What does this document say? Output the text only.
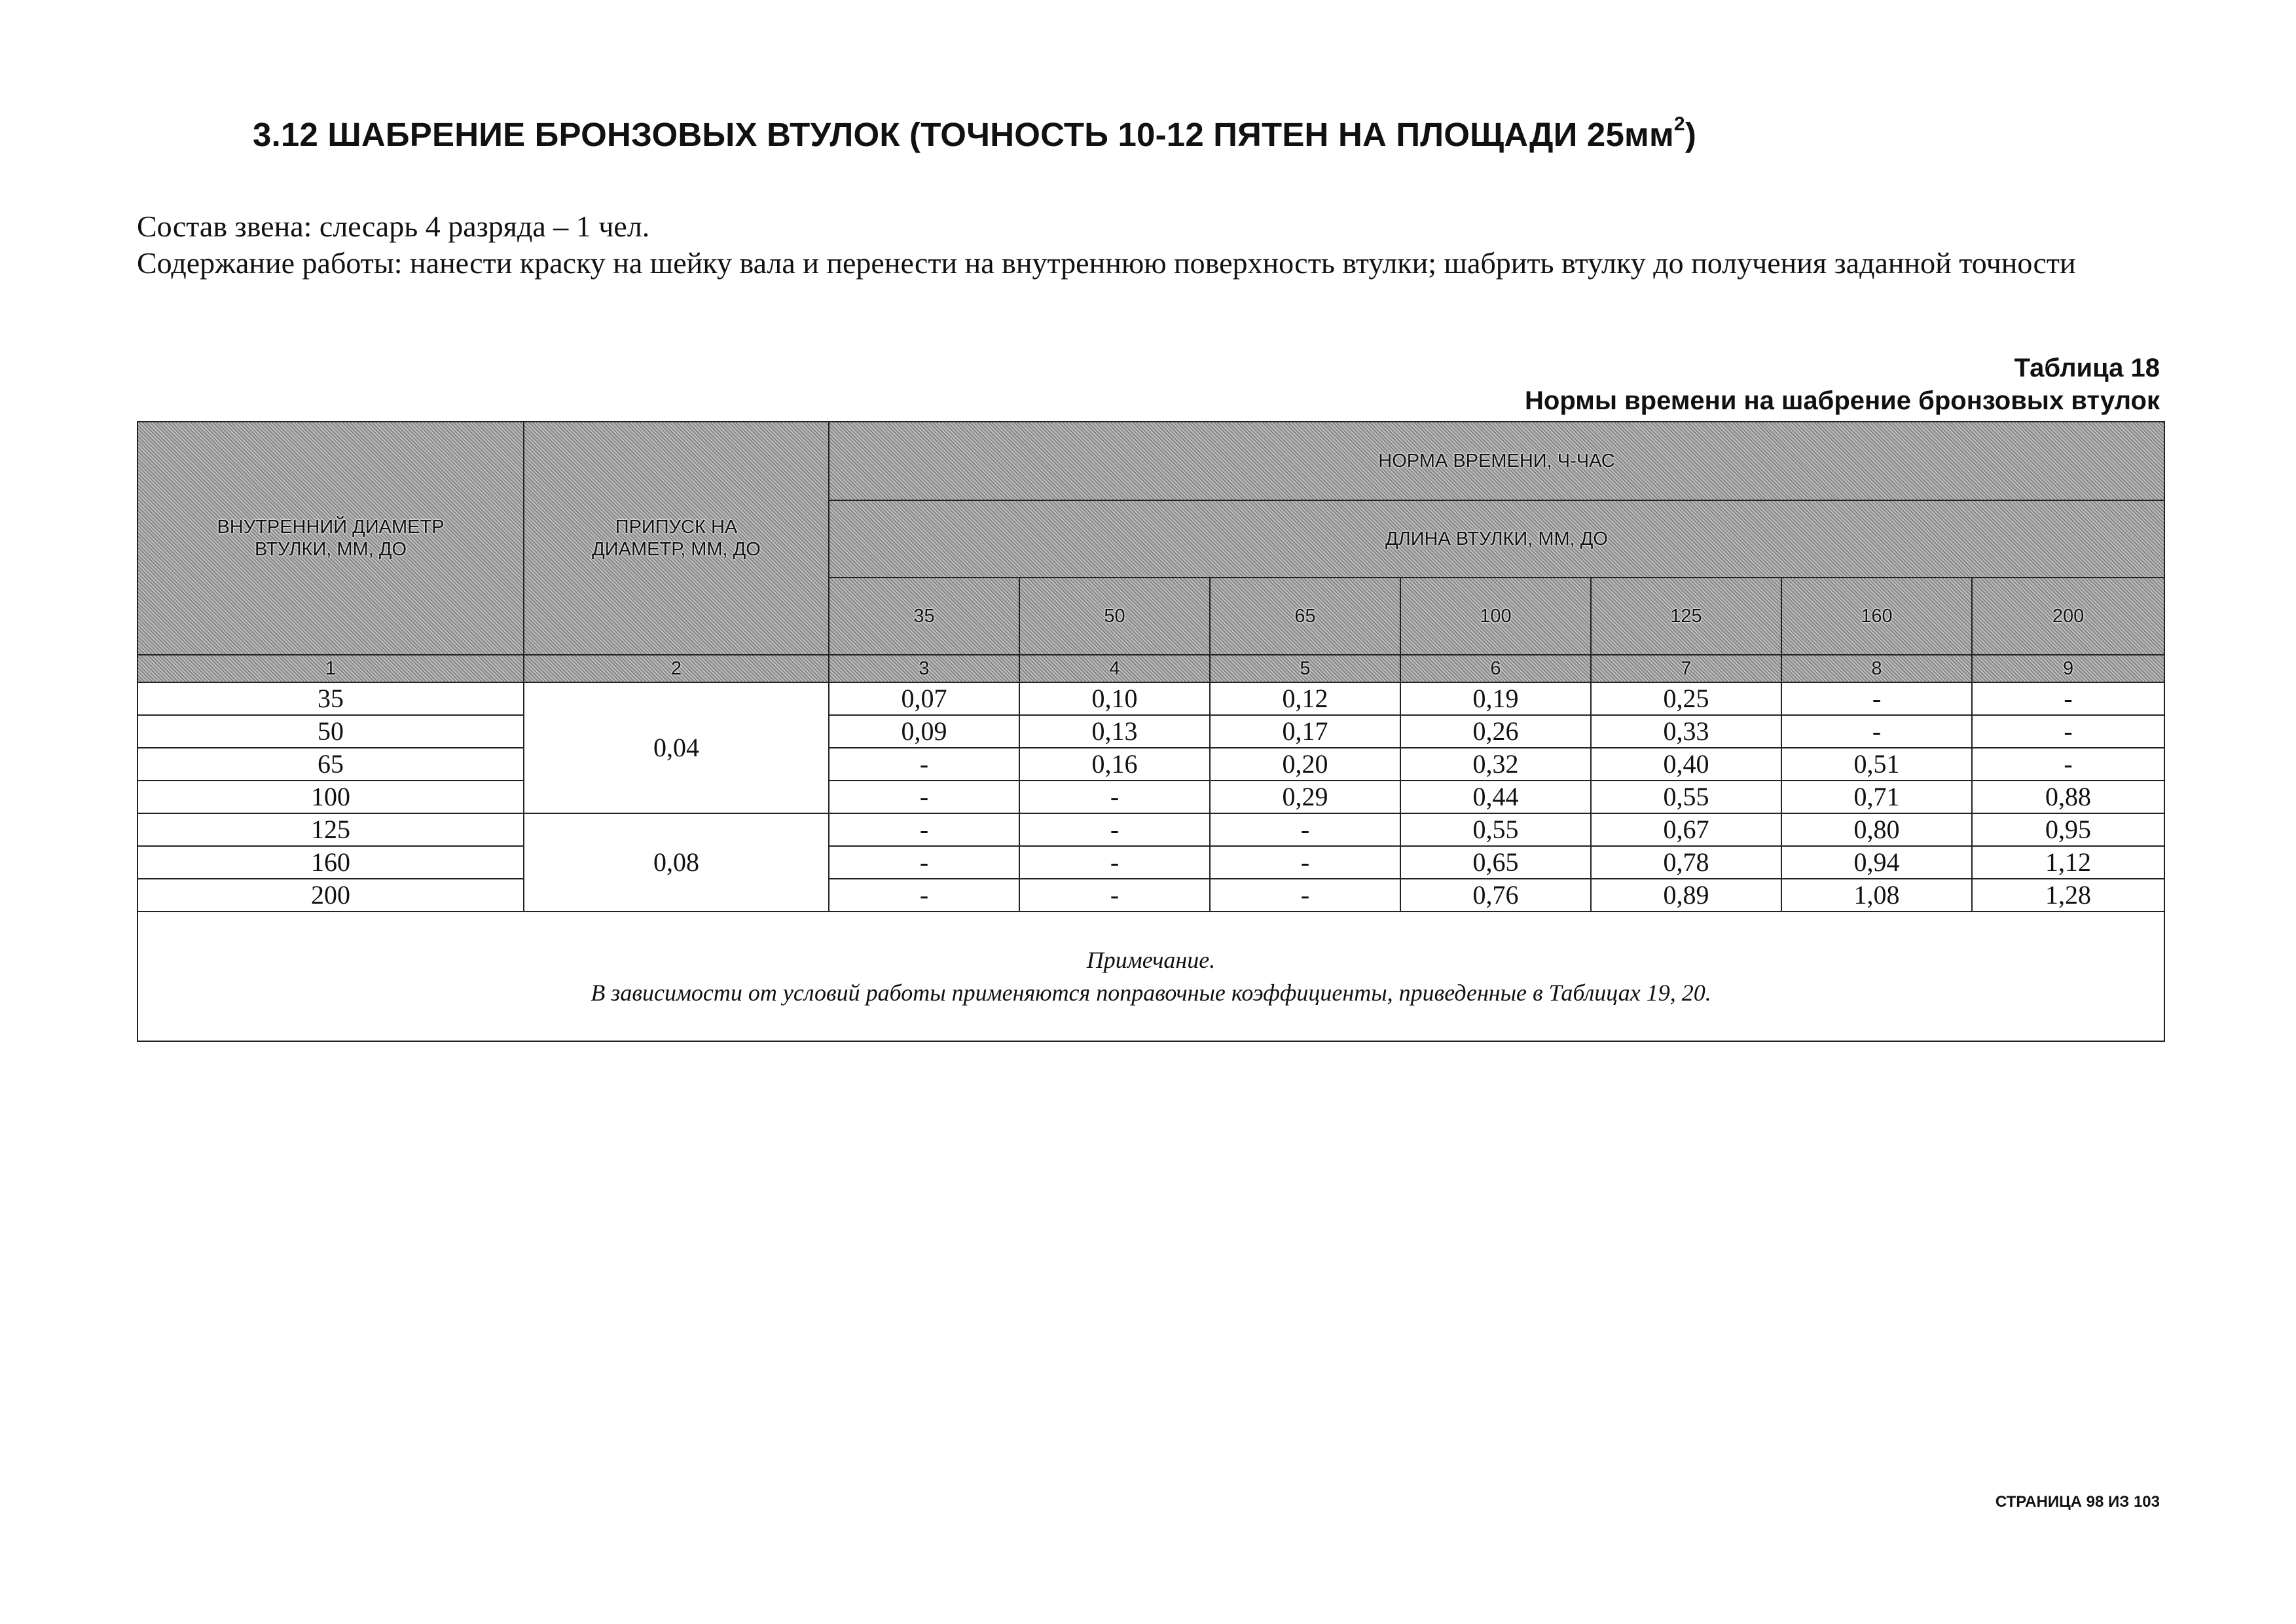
3.12 ШАБРЕНИЕ БРОНЗОВЫХ ВТУЛОК (ТОЧНОСТЬ 10-12 ПЯТЕН НА ПЛОЩАДИ $25мм^2$)
Состав звена: слесарь 4 разряда – 1 чел.
Содержание работы: нанести краску на шейку вала и перенести на внутреннюю поверхность втулки; шабрить втулку до получения заданной точности
Таблица 18
Нормы времени на шабрение бронзовых втулок
ВНУТРЕННИЙ ДИАМЕТР ВТУЛКИ, ММ, ДО	ПРИПУСК НА ДИАМЕТР, ММ, ДО	НОРМА ВРЕМЕНИ, Ч-ЧАС						
		ДЛИНА ВТУЛКИ, ММ, ДО						
		35	50	65	100	125	160	200
1	2	3	4	5	6	7	8	9
35	0,04	0,07	0,10	0,12	0,19	0,25	-	-
50		0,09	0,13	0,17	0,26	0,33	-	-
65		-	0,16	0,20	0,32	0,40	0,51	-
100		-	-	0,29	0,44	0,55	0,71	0,88
125	0,08	-	-	-	0,55	0,67	0,80	0,95
160		-	-	-	0,65	0,78	0,94	1,12
200		-	-	-	0,76	0,89	1,08	1,28

Примечание.
В зависимости от условий работы применяются поправочные коэффициенты, приведенные в Таблицах 19, 20.								
СТРАНИЦА 98 ИЗ 103
